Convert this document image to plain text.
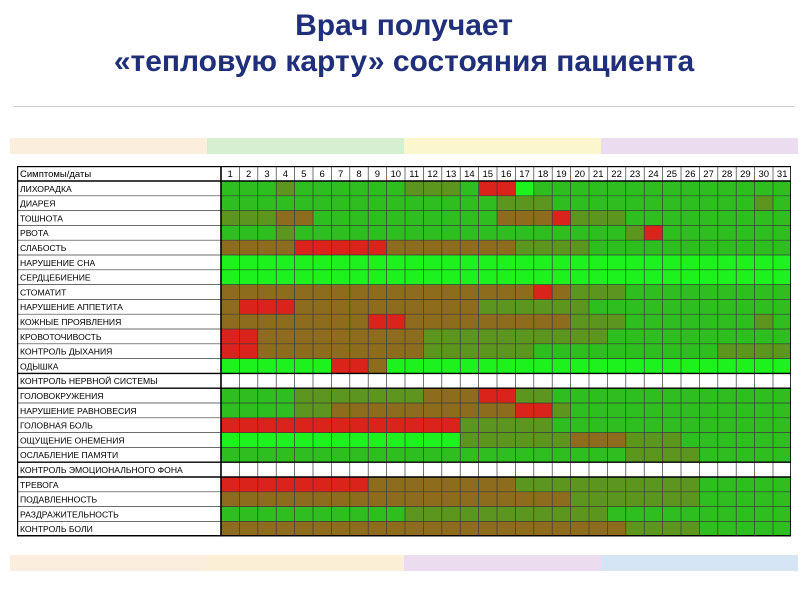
Врач получает
«тепловую карту» состояния пациента
Симптомы/даты	1 2 3 4 5 6 7 8 9 10 11 12 13 14 15 16 17 18 19 20 21 22 23 24 25 26 27 28 29 30 31
ЛИХОРАДКА
ДИАРЕЯ
ТОШНОТА
РВОТА
СЛАБОСТЬ
НАРУШЕНИЕ СНА
СЕРДЦЕБИЕНИЕ
СТОМАТИТ
НАРУШЕНИЕ АППЕТИТА
КОЖНЫЕ ПРОЯВЛЕНИЯ
КРОВОТОЧИВОСТЬ
КОНТРОЛЬ ДЫХАНИЯ
ОДЫШКА
КОНТРОЛЬ НЕРВНОЙ СИСТЕМЫ
ГОЛОВОКРУЖЕНИЯ
НАРУШЕНИЕ РАВНОВЕСИЯ
ГОЛОВНАЯ БОЛЬ
ОЩУЩЕНИЕ ОНЕМЕНИЯ
ОСЛАБЛЕНИЕ ПАМЯТИ
КОНТРОЛЬ ЭМОЦИОНАЛЬНОГО ФОНА
ТРЕВОГА
ПОДАВЛЕННОСТЬ
РАЗДРАЖИТЕЛЬНОСТЬ
КОНТРОЛЬ БОЛИ
